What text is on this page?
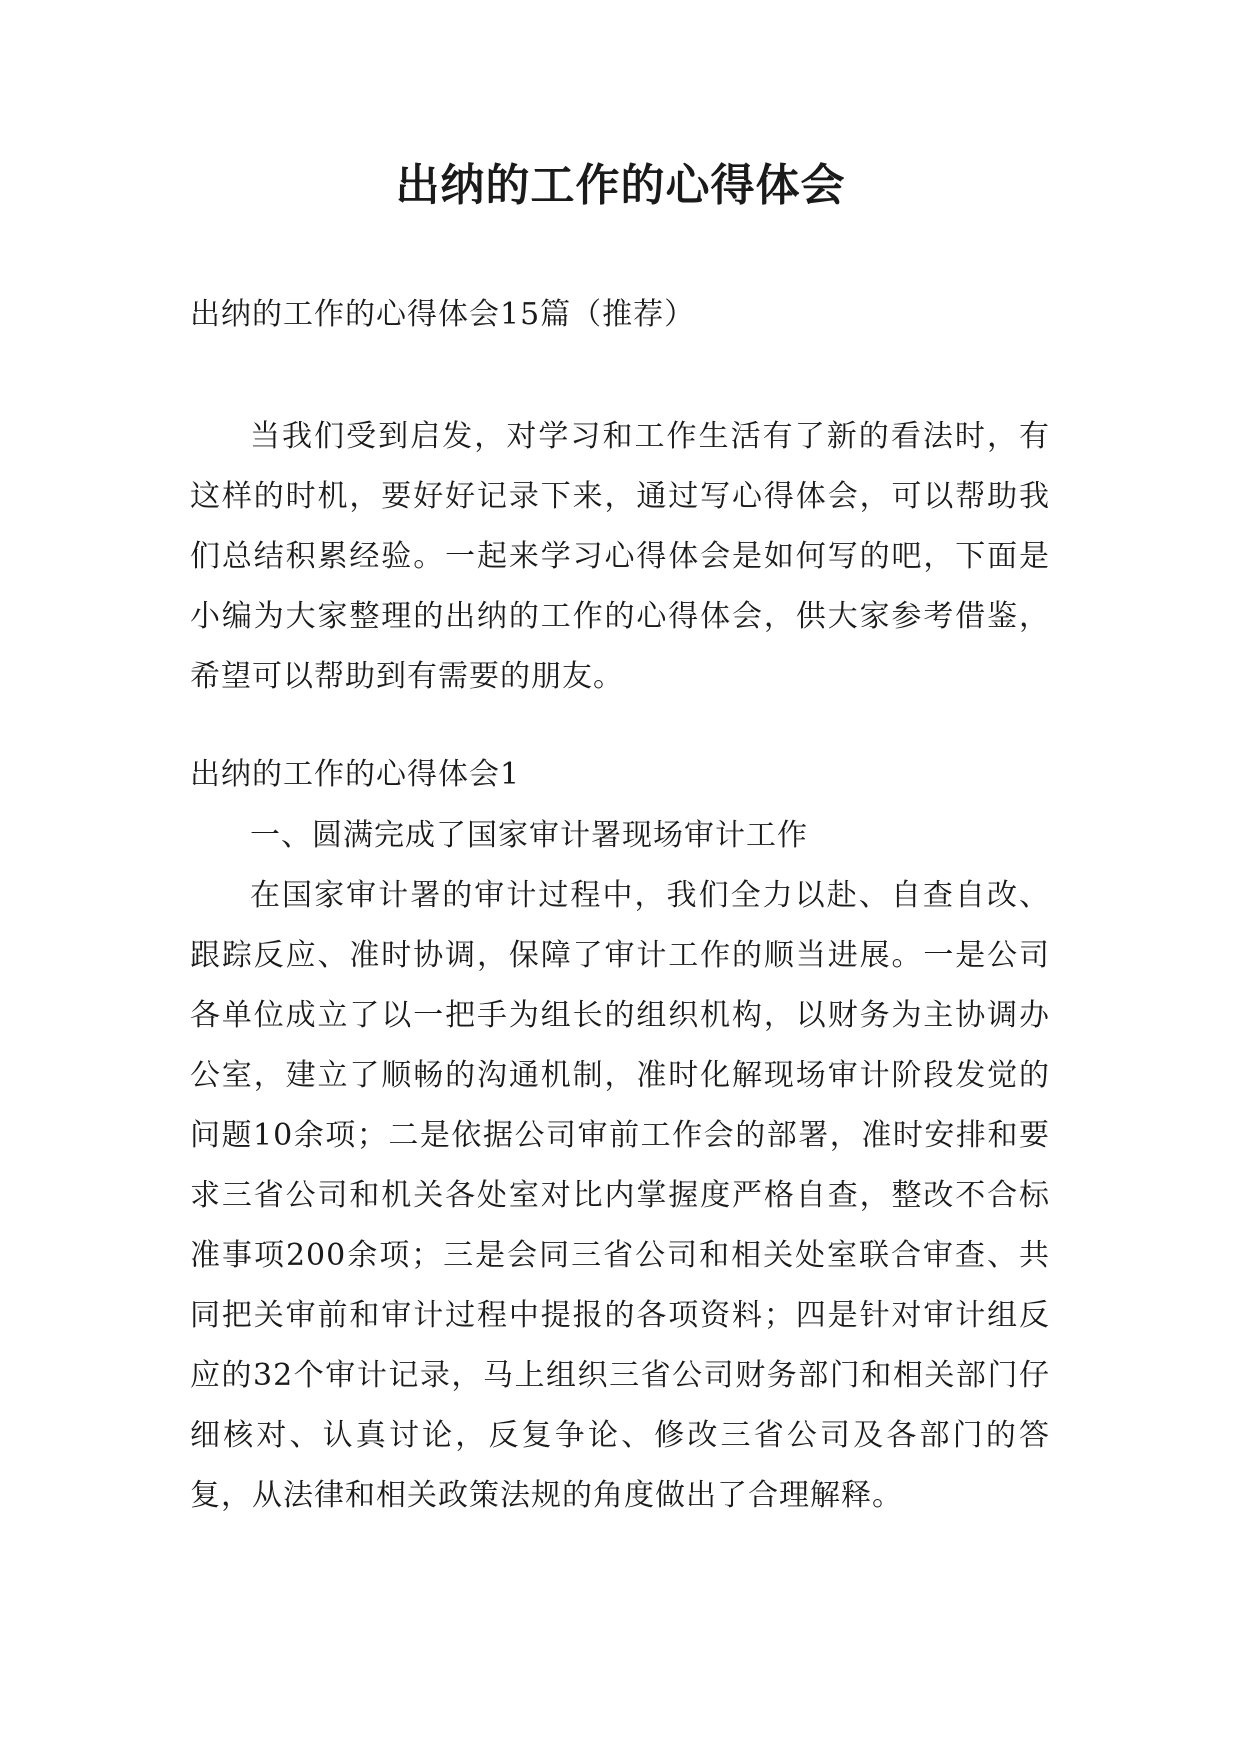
出纳的工作的心得体会

出纳的工作的心得体会15篇（推荐）

当我们受到启发，对学习和工作生活有了新的看法时，有这样的时机，要好好记录下来，通过写心得体会，可以帮助我们总结积累经验。一起来学习心得体会是如何写的吧，下面是小编为大家整理的出纳的工作的心得体会，供大家参考借鉴，希望可以帮助到有需要的朋友。

出纳的工作的心得体会1

一、圆满完成了国家审计署现场审计工作

在国家审计署的审计过程中，我们全力以赴、自查自改、跟踪反应、准时协调，保障了审计工作的顺当进展。一是公司各单位成立了以一把手为组长的组织机构，以财务为主协调办公室，建立了顺畅的沟通机制，准时化解现场审计阶段发觉的问题10余项；二是依据公司审前工作会的部署，准时安排和要求三省公司和机关各处室对比内掌握度严格自查，整改不合标准事项200余项；三是会同三省公司和相关处室联合审查、共同把关审前和审计过程中提报的各项资料；四是针对审计组反应的32个审计记录，马上组织三省公司财务部门和相关部门仔细核对、认真讨论，反复争论、修改三省公司及各部门的答复，从法律和相关政策法规的角度做出了合理解释。
